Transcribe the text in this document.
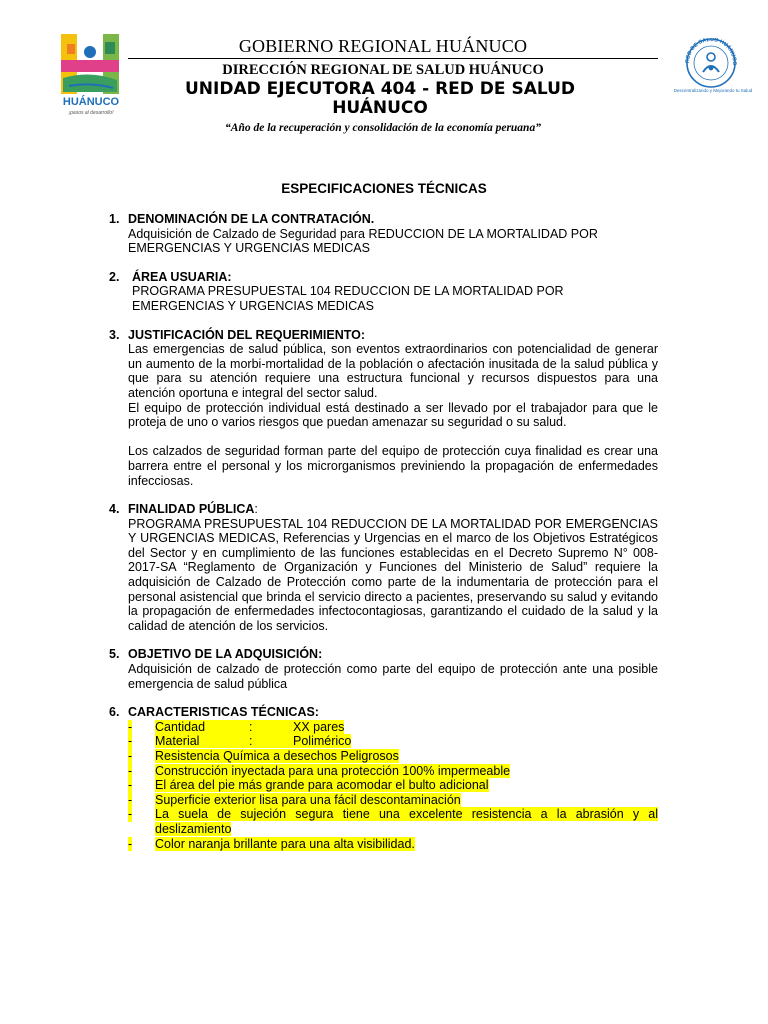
HUÁNUCO
¡pasos al desarrollo!
GOBIERNO REGIONAL HUÁNUCO
DIRECCIÓN REGIONAL DE SALUD HUÁNUCO
UNIDAD EJECUTORA 404 - RED DE SALUD HUÁNUCO
“Año de la recuperación y consolidación de la economía peruana”
RED DE SALUD HUÁNUCO
Descentralizando y Mejorando tu Salud
ESPECIFICACIONES TÉCNICAS
1. DENOMINACIÓN DE LA CONTRATACIÓN.
Adquisición de Calzado de Seguridad para REDUCCION DE LA MORTALIDAD POR EMERGENCIAS Y URGENCIAS MEDICAS
2.	ÁREA USUARIA:
PROGRAMA PRESUPUESTAL 104 REDUCCION DE LA MORTALIDAD POR EMERGENCIAS Y URGENCIAS MEDICAS
3. JUSTIFICACIÓN DEL REQUERIMIENTO:

Las emergencias de salud pública, son eventos extraordinarios con potencialidad de generar un aumento de la morbi-mortalidad de la población o afectación inusitada de la salud pública y que para su atención requiere una estructura funcional y recursos dispuestos para una atención oportuna e integral del sector salud.

El equipo de protección individual está destinado a ser llevado por el trabajador para que le proteja de uno o varios riesgos que puedan amenazar su seguridad o su salud.

Los calzados de seguridad forman parte del equipo de protección cuya finalidad es crear una barrera entre el personal y los microrganismos previniendo la propagación de enfermedades infecciosas.

4. FINALIDAD PÚBLICA:
PROGRAMA PRESUPUESTAL 104 REDUCCION DE LA MORTALIDAD POR EMERGENCIAS Y URGENCIAS MEDICAS, Referencias y Urgencias en el marco de los Objetivos Estratégicos del Sector y en cumplimiento de las funciones establecidas en el Decreto Supremo N° 008-2017-SA “Reglamento de Organización y Funciones del Ministerio de Salud” requiere la adquisición de Calzado de Protección como parte de la indumentaria de protección para el personal asistencial que brinda el servicio directo a pacientes, preservando su salud y evitando la propagación de enfermedades infectocontagiosas, garantizando el cuidado de la salud y la calidad de atención de los servicios.
5. OBJETIVO DE LA ADQUISICIÓN:
Adquisición de calzado de protección como parte del equipo de protección ante una posible emergencia de salud pública
6. CARACTERISTICAS TÉCNICAS:
- Cantidad	:	XX pares
- Material	:	Polimérico
- Resistencia Química a desechos Peligrosos
- Construcción inyectada para una protección 100% impermeable
- El área del pie más grande para acomodar el bulto adicional
- Superficie exterior lisa para una fácil descontaminación
- La suela de sujeción segura tiene una excelente resistencia a la abrasión y al deslizamiento
- Color naranja brillante para una alta visibilidad.
